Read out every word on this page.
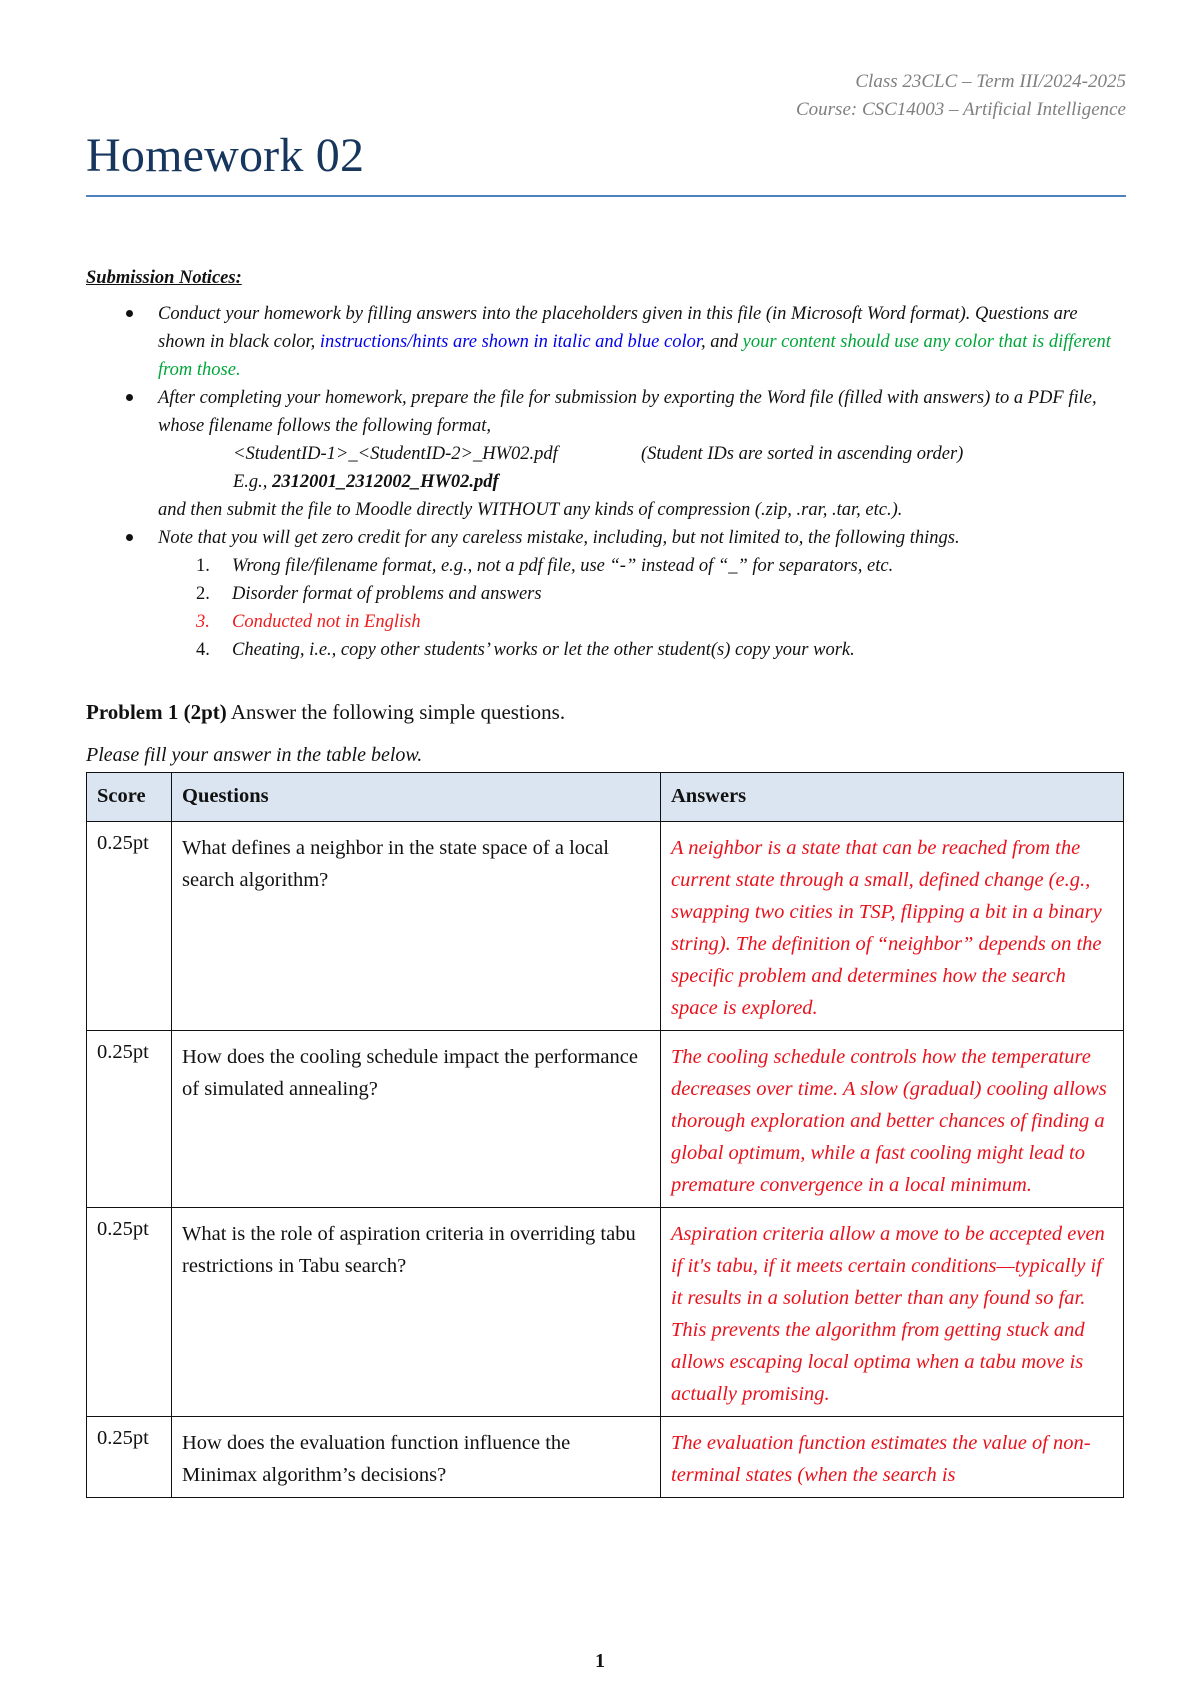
Class 23CLC – Term III/2024-2025
Course: CSC14003 – Artificial Intelligence
Homework 02
Submission Notices:
Conduct your homework by filling answers into the placeholders given in this file (in Microsoft Word format). Questions are shown in black color, instructions/hints are shown in italic and blue color, and your content should use any color that is different from those.
After completing your homework, prepare the file for submission by exporting the Word file (filled with answers) to a PDF file, whose filename follows the following format,
<StudentID-1>_<StudentID-2>_HW02.pdf	(Student IDs are sorted in ascending order)
E.g., 2312001_2312002_HW02.pdf
and then submit the file to Moodle directly WITHOUT any kinds of compression (.zip, .rar, .tar, etc.).
Note that you will get zero credit for any careless mistake, including, but not limited to, the following things.
1. Wrong file/filename format, e.g., not a pdf file, use “-” instead of “_” for separators, etc.
2. Disorder format of problems and answers
3. Conducted not in English
4. Cheating, i.e., copy other students’ works or let the other student(s) copy your work.
Problem 1 (2pt) Answer the following simple questions.
Please fill your answer in the table below.
Score	Questions	Answers
0.25pt	What defines a neighbor in the state space of a local search algorithm?	A neighbor is a state that can be reached from the current state through a small, defined change (e.g., swapping two cities in TSP, flipping a bit in a binary string). The definition of “neighbor” depends on the specific problem and determines how the search space is explored.
0.25pt	How does the cooling schedule impact the performance of simulated annealing?	The cooling schedule controls how the temperature decreases over time. A slow (gradual) cooling allows thorough exploration and better chances of finding a global optimum, while a fast cooling might lead to premature convergence in a local minimum.
0.25pt	What is the role of aspiration criteria in overriding tabu restrictions in Tabu search?	Aspiration criteria allow a move to be accepted even if it's tabu, if it meets certain conditions—typically if it results in a solution better than any found so far. This prevents the algorithm from getting stuck and allows escaping local optima when a tabu move is actually promising.
0.25pt	How does the evaluation function influence the Minimax algorithm’s decisions?	The evaluation function estimates the value of non-terminal states (when the search is
1
